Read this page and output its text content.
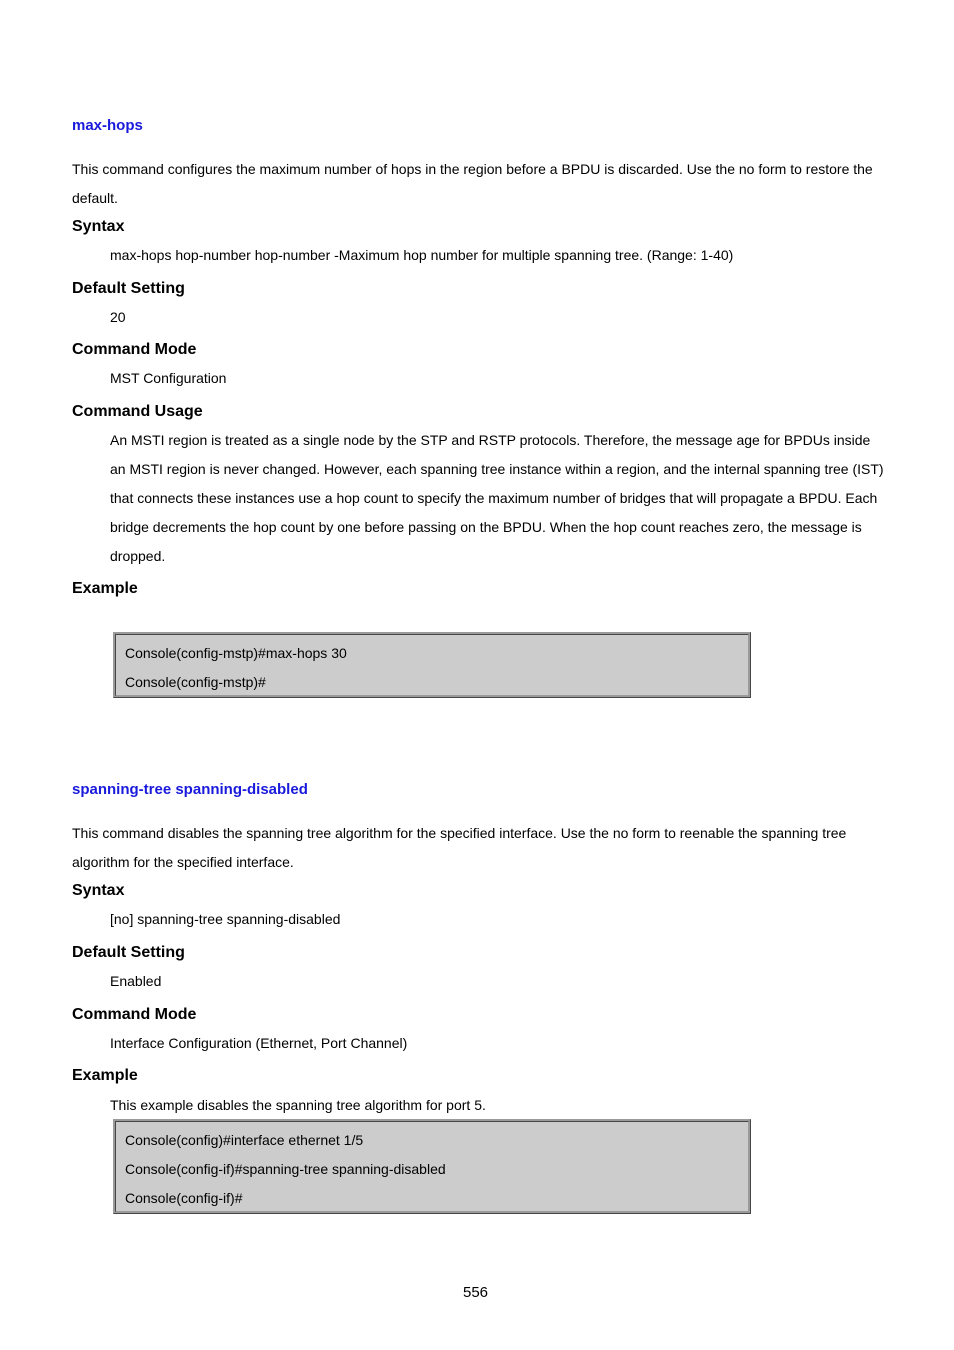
max-hops
This command configures the maximum number of hops in the region before a BPDU is discarded. Use the no form to restore the default.
Syntax
max-hops hop-number hop-number -Maximum hop number for multiple spanning tree. (Range: 1-40)
Default Setting
20
Command Mode
MST Configuration
Command Usage
An MSTI region is treated as a single node by the STP and RSTP protocols. Therefore, the message age for BPDUs inside an MSTI region is never changed. However, each spanning tree instance within a region, and the internal spanning tree (IST) that connects these instances use a hop count to specify the maximum number of bridges that will propagate a BPDU. Each bridge decrements the hop count by one before passing on the BPDU. When the hop count reaches zero, the message is dropped.
Example
Console(config-mstp)#max-hops 30
Console(config-mstp)#
spanning-tree spanning-disabled
This command disables the spanning tree algorithm for the specified interface. Use the no form to reenable the spanning tree algorithm for the specified interface.
Syntax
[no] spanning-tree spanning-disabled
Default Setting
Enabled
Command Mode
Interface Configuration (Ethernet, Port Channel)
Example
This example disables the spanning tree algorithm for port 5.
Console(config)#interface ethernet 1/5
Console(config-if)#spanning-tree spanning-disabled
Console(config-if)#
556
